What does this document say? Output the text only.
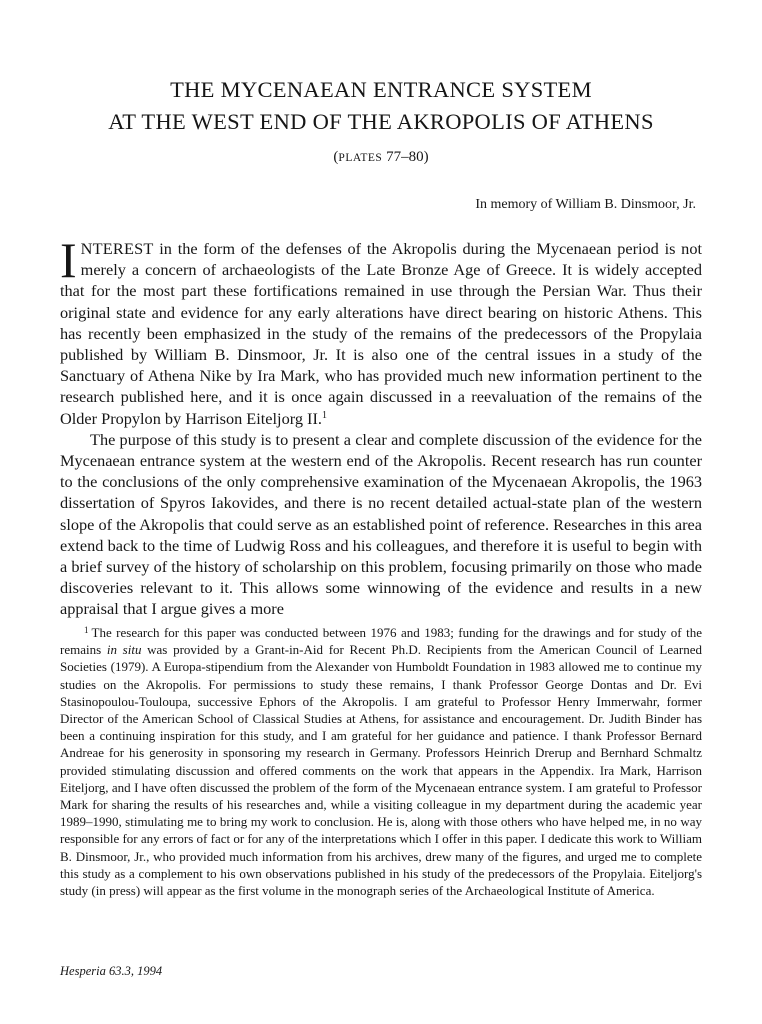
THE MYCENAEAN ENTRANCE SYSTEM
AT THE WEST END OF THE AKROPOLIS OF ATHENS
(PLATES 77–80)
In memory of William B. Dinsmoor, Jr.

INTEREST in the form of the defenses of the Akropolis during the Mycenaean period is not merely a concern of archaeologists of the Late Bronze Age of Greece. It is widely accepted that for the most part these fortifications remained in use through the Persian War. Thus their original state and evidence for any early alterations have direct bearing on historic Athens. This has recently been emphasized in the study of the remains of the predecessors of the Propylaia published by William B. Dinsmoor, Jr. It is also one of the central issues in a study of the Sanctuary of Athena Nike by Ira Mark, who has provided much new information pertinent to the research published here, and it is once again discussed in a reevaluation of the remains of the Older Propylon by Harrison Eiteljorg II.$^1$

The purpose of this study is to present a clear and complete discussion of the evidence for the Mycenaean entrance system at the western end of the Akropolis. Recent research has run counter to the conclusions of the only comprehensive examination of the Mycenaean Akropolis, the 1963 dissertation of Spyros Iakovides, and there is no recent detailed actual-state plan of the western slope of the Akropolis that could serve as an established point of reference. Researches in this area extend back to the time of Ludwig Ross and his colleagues, and therefore it is useful to begin with a brief survey of the history of scholarship on this problem, focusing primarily on those who made discoveries relevant to it. This allows some winnowing of the evidence and results in a new appraisal that I argue gives a more

$^1$ The research for this paper was conducted between 1976 and 1983; funding for the drawings and for study of the remains in situ was provided by a Grant-in-Aid for Recent Ph.D. Recipients from the American Council of Learned Societies (1979). A Europa-stipendium from the Alexander von Humboldt Foundation in 1983 allowed me to continue my studies on the Akropolis. For permissions to study these remains, I thank Professor George Dontas and Dr. Evi Stasinopoulou-Touloupa, successive Ephors of the Akropolis. I am grateful to Professor Henry Immerwahr, former Director of the American School of Classical Studies at Athens, for assistance and encouragement. Dr. Judith Binder has been a continuing inspiration for this study, and I am grateful for her guidance and patience. I thank Professor Bernard Andreae for his generosity in sponsoring my research in Germany. Professors Heinrich Drerup and Bernhard Schmaltz provided stimulating discussion and offered comments on the work that appears in the Appendix. Ira Mark, Harrison Eiteljorg, and I have often discussed the problem of the form of the Mycenaean entrance system. I am grateful to Professor Mark for sharing the results of his researches and, while a visiting colleague in my department during the academic year 1989–1990, stimulating me to bring my work to conclusion. He is, along with those others who have helped me, in no way responsible for any errors of fact or for any of the interpretations which I offer in this paper. I dedicate this work to William B. Dinsmoor, Jr., who provided much information from his archives, drew many of the figures, and urged me to complete this study as a complement to his own observations published in his study of the predecessors of the Propylaia. Eiteljorg's study (in press) will appear as the first volume in the monograph series of the Archaeological Institute of America.

Hesperia 63.3, 1994
